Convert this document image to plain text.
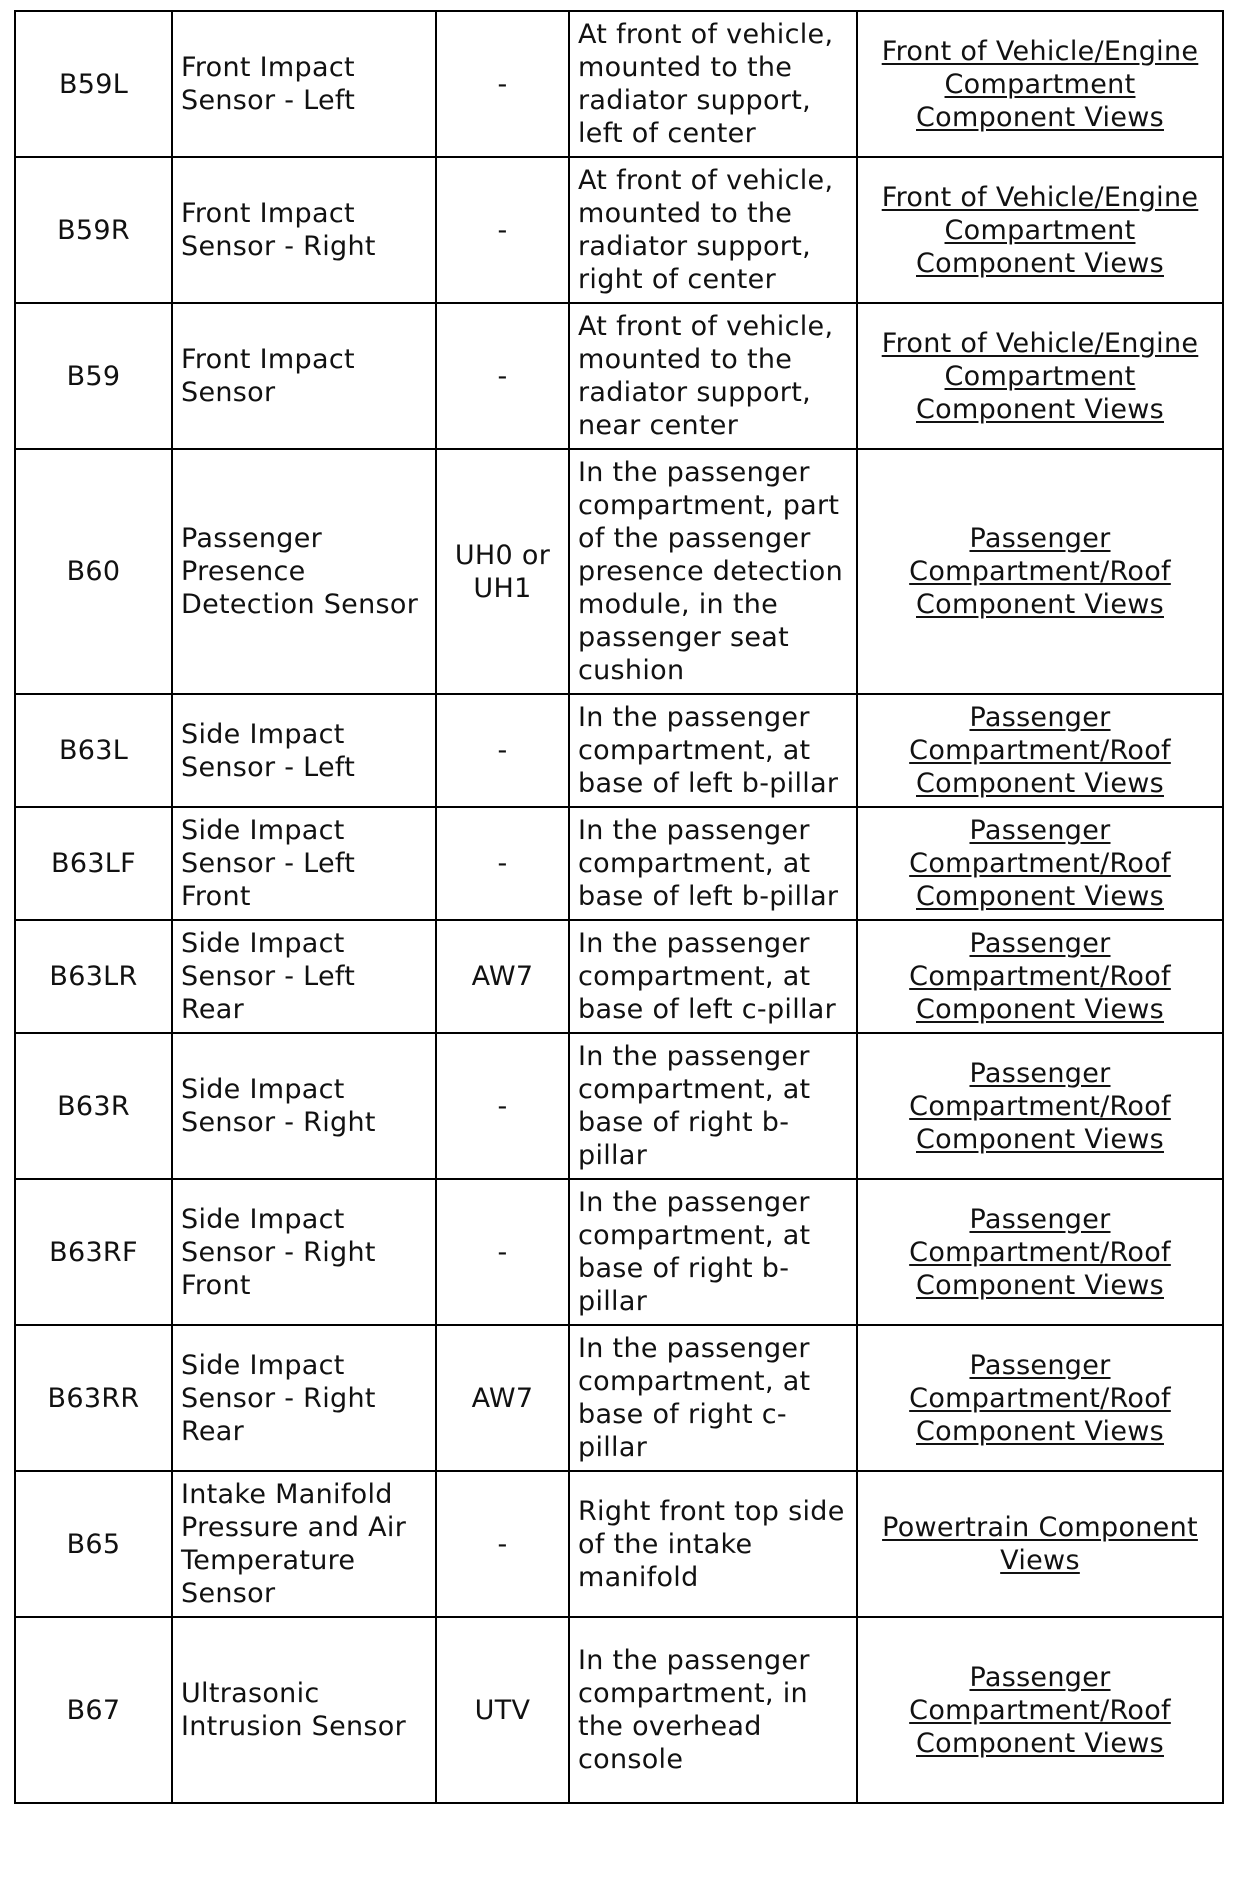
B59L	Front Impact Sensor - Left	-	At front of vehicle, mounted to the radiator support, left of center	Front of Vehicle/Engine Compartment Component Views
B59R	Front Impact Sensor - Right	-	At front of vehicle, mounted to the radiator support, right of center	Front of Vehicle/Engine Compartment Component Views
B59	Front Impact Sensor	-	At front of vehicle, mounted to the radiator support, near center	Front of Vehicle/Engine Compartment Component Views
B60	Passenger Presence Detection Sensor	UH0 or UH1	In the passenger compartment, part of the passenger presence detection module, in the passenger seat cushion	Passenger Compartment/Roof Component Views
B63L	Side Impact Sensor - Left	-	In the passenger compartment, at base of left b-pillar	Passenger Compartment/Roof Component Views
B63LF	Side Impact Sensor - Left Front	-	In the passenger compartment, at base of left b-pillar	Passenger Compartment/Roof Component Views
B63LR	Side Impact Sensor - Left Rear	AW7	In the passenger compartment, at base of left c-pillar	Passenger Compartment/Roof Component Views
B63R	Side Impact Sensor - Right	-	In the passenger compartment, at base of right b-pillar	Passenger Compartment/Roof Component Views
B63RF	Side Impact Sensor - Right Front	-	In the passenger compartment, at base of right b-pillar	Passenger Compartment/Roof Component Views
B63RR	Side Impact Sensor - Right Rear	AW7	In the passenger compartment, at base of right c-pillar	Passenger Compartment/Roof Component Views
B65	Intake Manifold Pressure and Air Temperature Sensor	-	Right front top side of the intake manifold	Powertrain Component Views
B67	Ultrasonic Intrusion Sensor	UTV	In the passenger compartment, in the overhead console	Passenger Compartment/Roof Component Views
